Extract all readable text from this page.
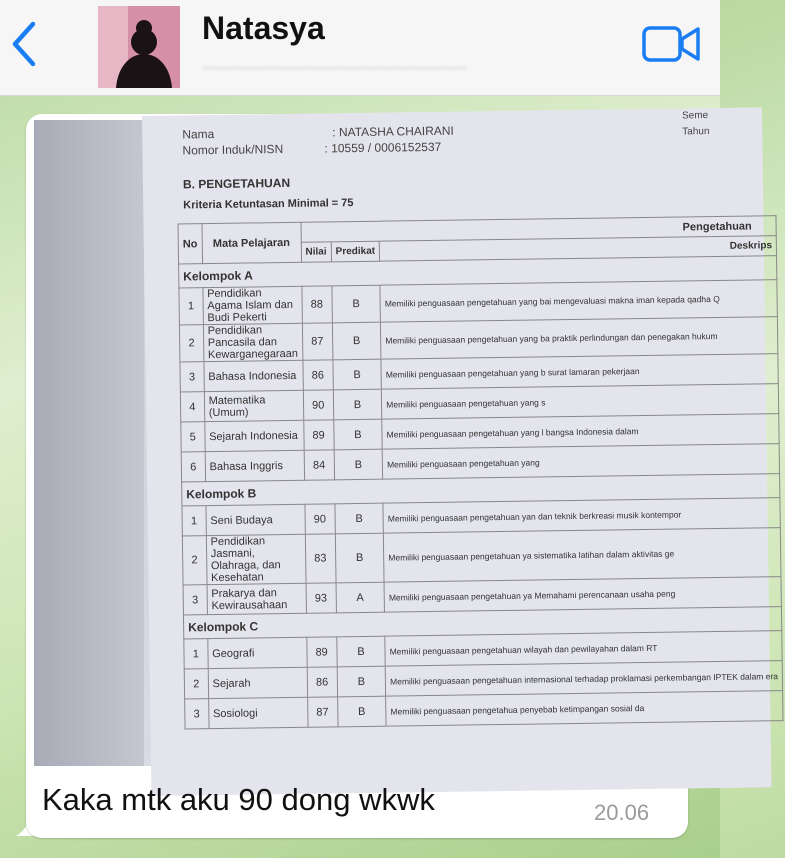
Natasya
....................................................................
Nama	: NATASHA CHAIRANI
Nomor Induk/NISN	: 10559 / 0006152537
Seme
Tahun
B. PENGETAHUAN
Kriteria Ketuntasan Minimal = 75
No	Mata Pelajaran	Pengetahuan		
		Nilai	Predikat	Deskrips
Kelompok A				
1	Pendidikan Agama Islam dan Budi Pekerti	88	B	Memiliki penguasaan pengetahuan yang bai mengevaluasi makna iman kepada qadha Q
2	Pendidikan Pancasila dan Kewarganegaraan	87	B	Memiliki penguasaan pengetahuan yang ba praktik perlindungan dan penegakan hukum
3	Bahasa Indonesia	86	B	Memiliki penguasaan pengetahuan yang b surat lamaran pekerjaan
4	Matematika (Umum)	90	B	Memiliki penguasaan pengetahuan yang s
5	Sejarah Indonesia	89	B	Memiliki penguasaan pengetahuan yang l bangsa Indonesia dalam
6	Bahasa Inggris	84	B	Memiliki penguasaan pengetahuan yang
Kelompok B				
1	Seni Budaya	90	B	Memiliki penguasaan pengetahuan yan dan teknik berkreasi musik kontempor
2	Pendidikan Jasmani, Olahraga, dan Kesehatan	83	B	Memiliki penguasaan pengetahuan ya sistematika latihan dalam aktivitas ge
3	Prakarya dan Kewirausahaan	93	A	Memiliki penguasaan pengetahuan ya Memahami perencanaan usaha peng
Kelompok C				
1	Geografi	89	B	Memiliki penguasaan pengetahuan wilayah dan pewilayahan dalam RT
2	Sejarah	86	B	Memiliki penguasaan pengetahuan internasional terhadap proklamasi perkembangan IPTEK dalam era
3	Sosiologi	87	B	Memiliki penguasaan pengetahua penyebab ketimpangan sosial da
Kaka mtk aku 90 dong wkwk	20.06
